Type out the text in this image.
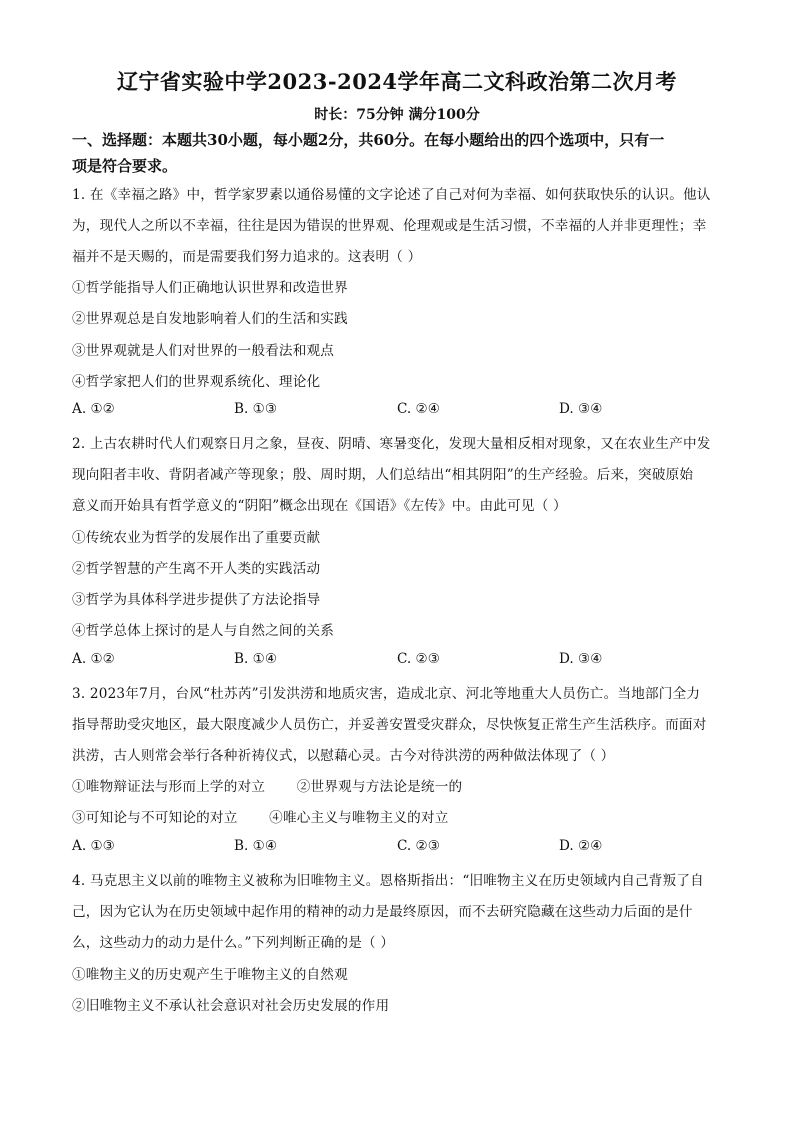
辽宁省实验中学2023-2024学年高二文科政治第二次月考
时长：75分钟 满分100分
一、选择题：本题共30小题，每小题2分，共60分。在每小题给出的四个选项中，只有一
项是符合要求。
1. 在《幸福之路》中，哲学家罗素以通俗易懂的文字论述了自己对何为幸福、如何获取快乐的认识。他认
为，现代人之所以不幸福，往往是因为错误的世界观、伦理观或是生活习惯，不幸福的人并非更理性；幸
福并不是天赐的，而是需要我们努力追求的。这表明（ ）
①哲学能指导人们正确地认识世界和改造世界
②世界观总是自发地影响着人们的生活和实践
③世界观就是人们对世界的一般看法和观点
④哲学家把人们的世界观系统化、理论化
A. ①②	B. ①③	C. ②④	D. ③④
2. 上古农耕时代人们观察日月之象，昼夜、阴晴、寒暑变化，发现大量相反相对现象，又在农业生产中发
现向阳者丰收、背阴者减产等现象；殷、周时期，人们总结出“相其阴阳”的生产经验。后来，突破原始
意义而开始具有哲学意义的“阴阳”概念出现在《国语》《左传》中。由此可见（ ）
①传统农业为哲学的发展作出了重要贡献
②哲学智慧的产生离不开人类的实践活动
③哲学为具体科学进步提供了方法论指导
④哲学总体上探讨的是人与自然之间的关系
A. ①②	B. ①④	C. ②③	D. ③④
3. 2023年7月，台风“杜苏芮”引发洪涝和地质灾害，造成北京、河北等地重大人员伤亡。当地部门全力
指导帮助受灾地区，最大限度减少人员伤亡，并妥善安置受灾群众，尽快恢复正常生产生活秩序。而面对
洪涝，古人则常会举行各种祈祷仪式，以慰藉心灵。古今对待洪涝的两种做法体现了（ ）
①唯物辩证法与形而上学的对立       ②世界观与方法论是统一的
③可知论与不可知论的对立       ④唯心主义与唯物主义的对立
A. ①③	B. ①④	C. ②③	D. ②④
4. 马克思主义以前的唯物主义被称为旧唯物主义。恩格斯指出：“旧唯物主义在历史领域内自己背叛了自
己，因为它认为在历史领域中起作用的精神的动力是最终原因，而不去研究隐藏在这些动力后面的是什
么，这些动力的动力是什么。”下列判断正确的是（ ）
①唯物主义的历史观产生于唯物主义的自然观
②旧唯物主义不承认社会意识对社会历史发展的作用
